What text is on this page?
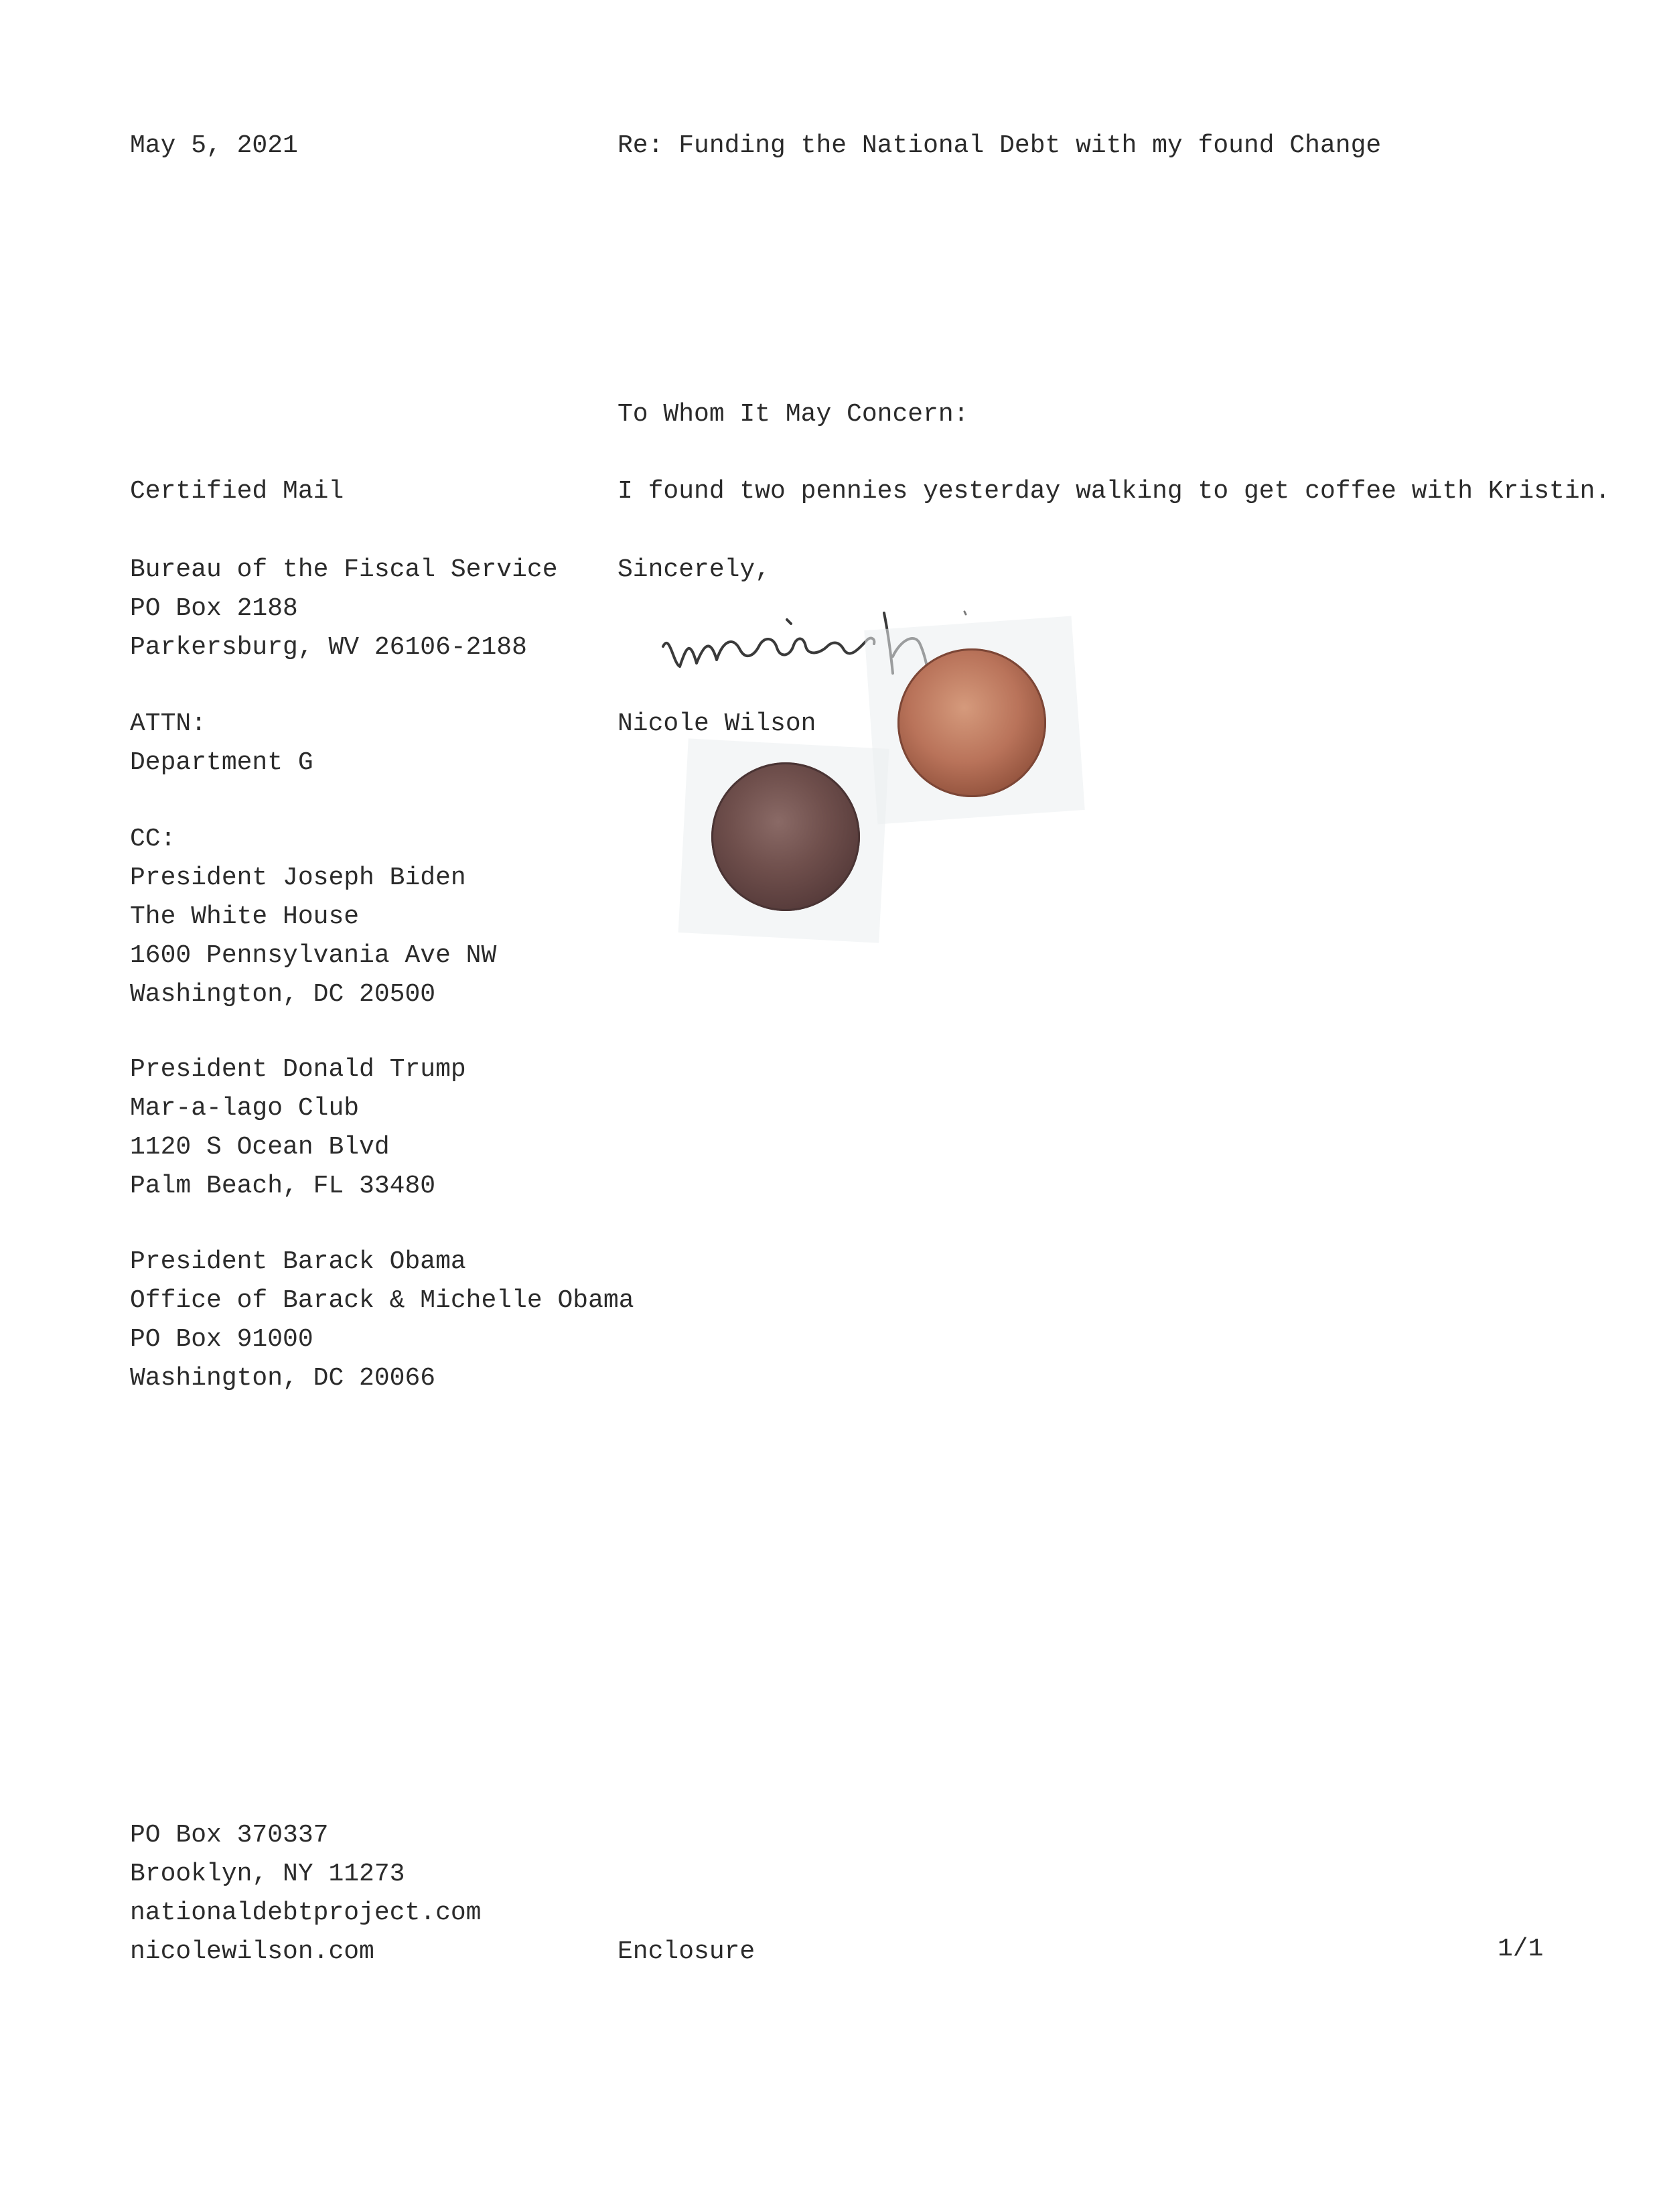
May 5, 2021	Re: Funding the National Debt with my found Change
To Whom It May Concern:
Certified Mail	I found two pennies yesterday walking to get coffee with Kristin.
Bureau of the Fiscal Service
PO Box 2188
Parkersburg, WV 26106-2188
Sincerely,
ATTN:
Department G
Nicole Wilson
CC:
President Joseph Biden
The White House
1600 Pennsylvania Ave NW
Washington, DC 20500
President Donald Trump
Mar-a-lago Club
1120 S Ocean Blvd
Palm Beach, FL 33480
President Barack Obama
Office of Barack & Michelle Obama
PO Box 91000
Washington, DC 20066
PO Box 370337
Brooklyn, NY 11273
nationaldebtproject.com
nicolewilson.com	Enclosure	1/1
